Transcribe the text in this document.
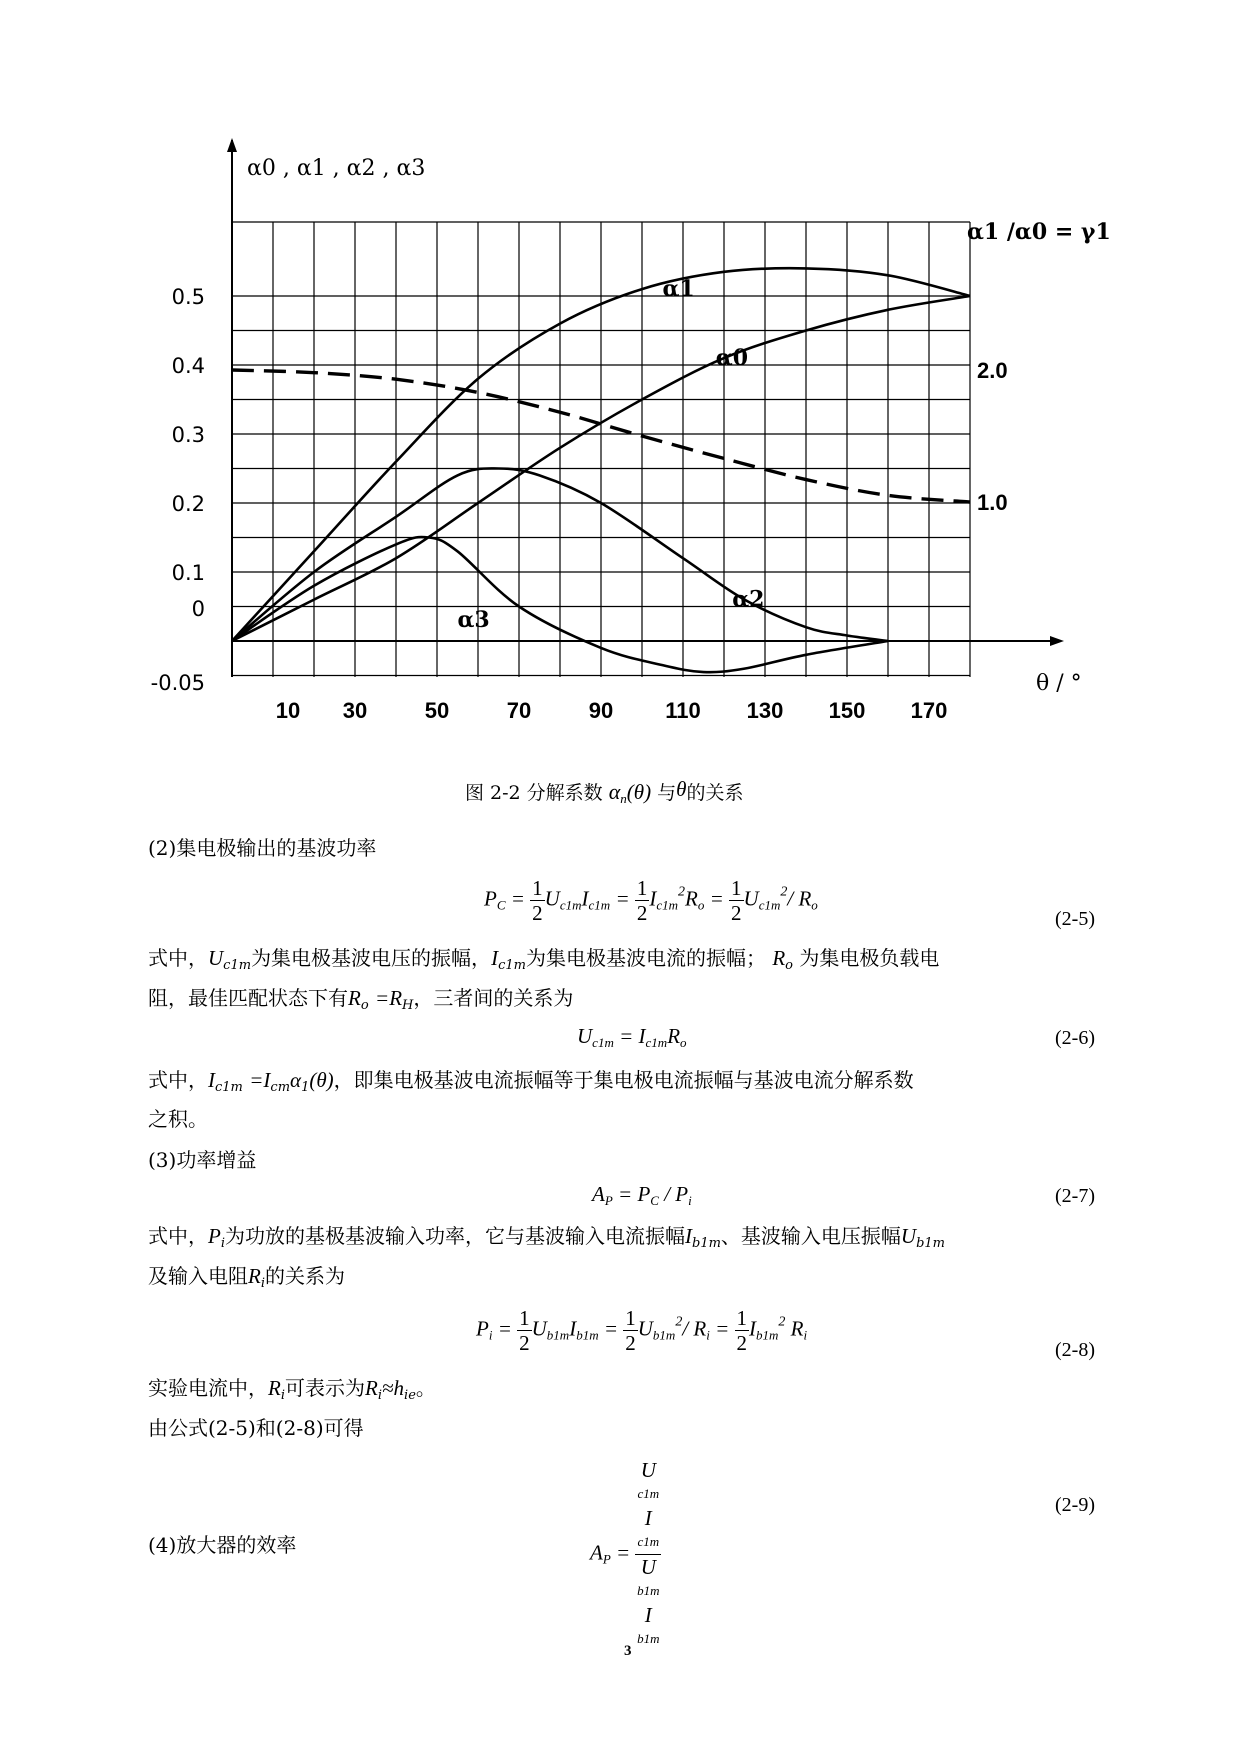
0.5
0.4
0.3
0.2
0.1
0
-0.05
2.0
1.0
10 30	50	70	90 110 130 150 170
α0 , α1 , α2 , α3
α1 /α0 = γ1
θ / °
α0
α1
α2
α3
图 2-2 分解系数 $\alpha_n(\theta)$ 与θ的关系
(2)集电极输出的基波功率
$P_C = \frac{1}{2} U_{c1m}I_{c1m} = \frac{1}{2} I_{c1m}^2R_o = \frac{1}{2} U_{c1m}^2/$ $R_o$
(2-5)
式中，$U_{c1m}$为集电极基波电压的振幅，$I_{c1m}$为集电极基波电流的振幅； $R_o$ 为集电极负载电
阻，最佳匹配状态下有$R_o =R_H$，三者间的关系为
$U_{c1m} = I_{c1m}R_o$	(2-6)
式中，$I_{c1m} =I_{cm}\alpha_1(\theta)$，即集电极基波电流振幅等于集电极电流振幅与基波电流分解系数
之积。
(3)功率增益
$A_P = P_C / P_i$	(2-7)
式中，$P_i$为功放的基极基波输入功率，它与基波输入电流振幅$I_{b1m}$、基波输入电压振幅$U_{b1m}$
及输入电阻$R_i$的关系为
$P_i = \frac{1}{2} U_{b1m}I_{b1m} = \frac{1}{2} U_{b1m}^2/$ $R_i = \frac{1}{2} I_{b1m}^2$ $R_i$
(2-8)
实验电流中，$R_i$可表示为$R_i\approx h_{ie}$。
由公式(2-5)和(2-8)可得
$A_P = U$
c1m
I
c1m
U
b1m
I
b1m	(2-9)
(4)放大器的效率
3
